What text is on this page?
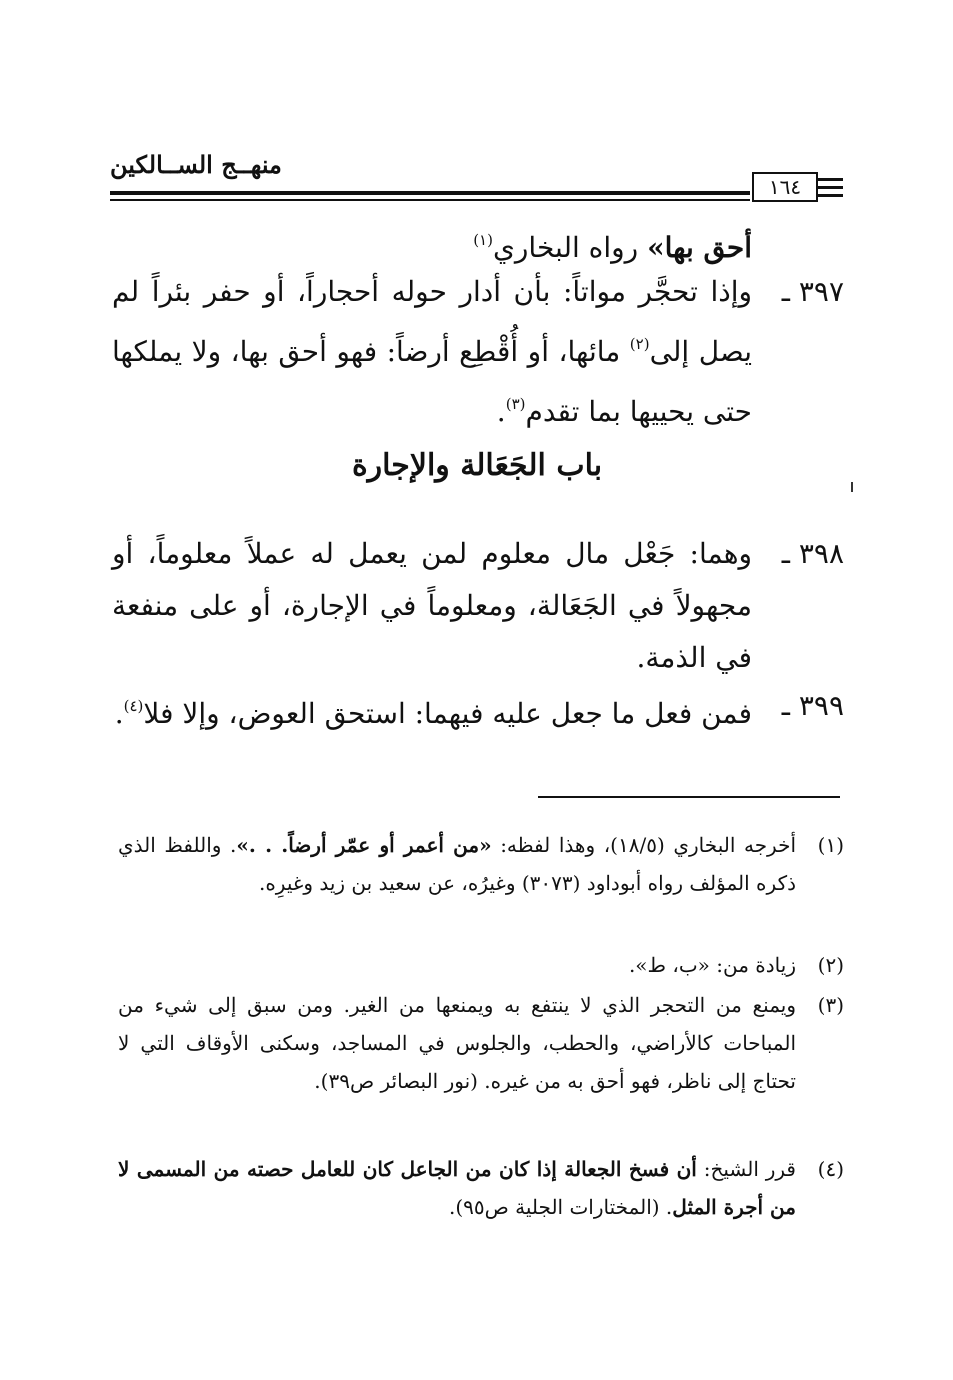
منهــج الســالكين
١٦٤
أحق بها» رواه البخاري$^{(١)}$
٣٩٧ ـ
وإذا تحجَّر مواتاً: بأن أدار حوله أحجاراً، أو حفر بئراً لم يصل إلى$^{(٢)}$ مائها، أو أُقْطِع أرضاً: فهو أحق بها، ولا يملكها حتى يحييها بما تقدم$^{(٣)}$.
باب الجَعَالة والإجارة
٣٩٨ ـ
وهما: جَعْل مال معلوم لمن يعمل له عملاً معلوماً، أو مجهولاً في الجَعَالة، ومعلوماً في الإجارة، أو على منفعة في الذمة.
٣٩٩ ـ
فمن فعل ما جعل عليه فيهما: استحق العوض، وإلا فلا$^{(٤)}$.
(١)
أخرجه البخاري (١٨/٥)، وهذا لفظه: «من أعمر أو عمّر أرضاً. . .». واللفظ الذي ذكره المؤلف رواه أبوداود (٣٠٧٣) وغيرُه، عن سعيد بن زيد وغيرِه.
(٢)
زيادة من: «ب، ط».
(٣)
ويمنع من التحجر الذي لا ينتفع به ويمنعها من الغير. ومن سبق إلى شيء من المباحات كالأراضي، والحطب، والجلوس في المساجد، وسكنى الأوقاف التي لا تحتاج إلى ناظر، فهو أحق به من غيره. (نور البصائر ص٣٩).
(٤)
قرر الشيخ: أن فسخ الجعالة إذا كان من الجاعل كان للعامل حصته من المسمى لا من أجرة المثل. (المختارات الجلية ص٩٥).
